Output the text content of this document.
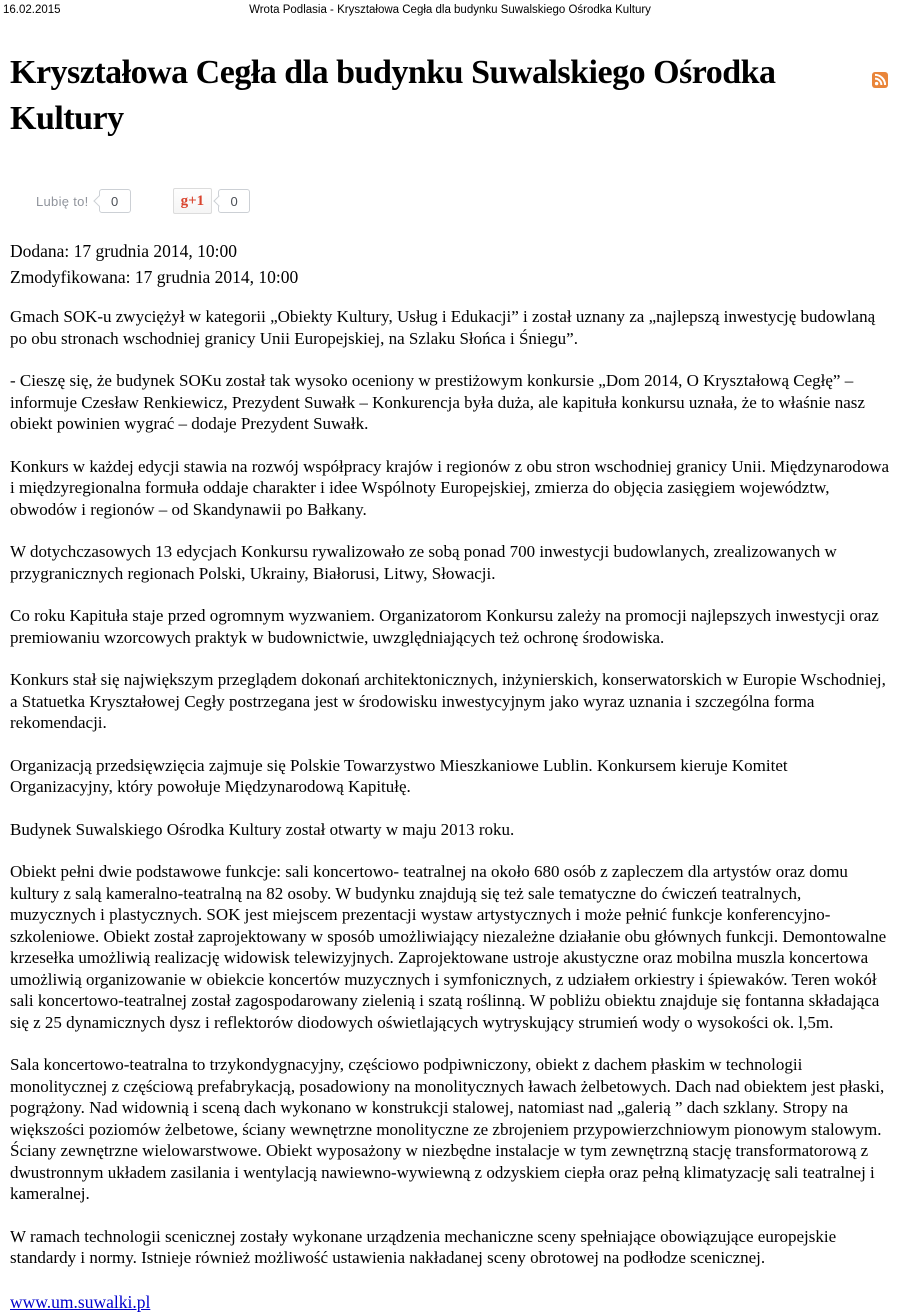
16.02.2015	Wrota Podlasia - Kryształowa Cegła dla budynku Suwalskiego Ośrodka Kultury
Kryształowa Cegła dla budynku Suwalskiego Ośrodka Kultury
Lubię to!	0	g+1	0
Dodana: 17 grudnia 2014, 10:00
Zmodyfikowana: 17 grudnia 2014, 10:00

Gmach SOK-u zwyciężył w kategorii „Obiekty Kultury, Usług i Edukacji” i został uznany za „najlepszą inwestycję budowlaną po obu stronach wschodniej granicy Unii Europejskiej, na Szlaku Słońca i Śniegu”.

- Cieszę się, że budynek SOKu został tak wysoko oceniony w prestiżowym konkursie „Dom 2014, O Kryształową Cegłę” – informuje Czesław Renkiewicz, Prezydent Suwałk – Konkurencja była duża, ale kapituła konkursu uznała, że to właśnie nasz obiekt powinien wygrać – dodaje Prezydent Suwałk.

Konkurs w każdej edycji stawia na rozwój współpracy krajów i regionów z obu stron wschodniej granicy Unii. Międzynarodowa i międzyregionalna formuła oddaje charakter i idee Wspólnoty Europejskiej, zmierza do objęcia zasięgiem województw, obwodów i regionów – od Skandynawii po Bałkany.

W dotychczasowych 13 edycjach Konkursu rywalizowało ze sobą ponad 700 inwestycji budowlanych, zrealizowanych w przygranicznych regionach Polski, Ukrainy, Białorusi, Litwy, Słowacji.

Co roku Kapituła staje przed ogromnym wyzwaniem. Organizatorom Konkursu zależy na promocji najlepszych inwestycji oraz premiowaniu wzorcowych praktyk w budownictwie, uwzględniających też ochronę środowiska.

Konkurs stał się największym przeglądem dokonań architektonicznych, inżynierskich, konserwatorskich w Europie Wschodniej, a Statuetka Kryształowej Cegły postrzegana jest w środowisku inwestycyjnym jako wyraz uznania i szczególna forma rekomendacji.

Organizacją przedsięwzięcia zajmuje się Polskie Towarzystwo Mieszkaniowe Lublin. Konkursem kieruje Komitet Organizacyjny, który powołuje Międzynarodową Kapitułę.

Budynek Suwalskiego Ośrodka Kultury został otwarty w maju 2013 roku.

Obiekt pełni dwie podstawowe funkcje: sali koncertowo- teatralnej na około 680 osób z zapleczem dla artystów oraz domu kultury z salą kameralno-teatralną na 82 osoby. W budynku znajdują się też sale tematyczne do ćwiczeń teatralnych, muzycznych i plastycznych. SOK jest miejscem prezentacji wystaw artystycznych i może pełnić funkcje konferencyjno-szkoleniowe. Obiekt został zaprojektowany w sposób umożliwiający niezależne działanie obu głównych funkcji. Demontowalne krzesełka umożliwią realizację widowisk telewizyjnych. Zaprojektowane ustroje akustyczne oraz mobilna muszla koncertowa umożliwią organizowanie w obiekcie koncertów muzycznych i symfonicznych, z udziałem orkiestry i śpiewaków. Teren wokół sali koncertowo-teatralnej został zagospodarowany zielenią i szatą roślinną. W pobliżu obiektu znajduje się fontanna składająca się z 25 dynamicznych dysz i reflektorów diodowych oświetlających wytryskujący strumień wody o wysokości ok. l,5m.

Sala koncertowo-teatralna to trzykondygnacyjny, częściowo podpiwniczony, obiekt z dachem płaskim w technologii monolitycznej z częściową prefabrykacją, posadowiony na monolitycznych ławach żelbetowych. Dach nad obiektem jest płaski, pogrążony. Nad widownią i sceną dach wykonano w konstrukcji stalowej, natomiast nad „galerią ” dach szklany. Stropy na większości poziomów żelbetowe, ściany wewnętrzne monolityczne ze zbrojeniem przypowierzchniowym pionowym stalowym. Ściany zewnętrzne wielowarstwowe. Obiekt wyposażony w niezbędne instalacje w tym zewnętrzną stację transformatorową z dwustronnym układem zasilania i wentylacją nawiewno-wywiewną z odzyskiem ciepła oraz pełną klimatyzację sali teatralnej i kameralnej.

W ramach technologii scenicznej zostały wykonane urządzenia mechaniczne sceny spełniające obowiązujące europejskie standardy i normy. Istnieje również możliwość ustawienia nakładanej sceny obrotowej na podłodze scenicznej.

www.um.suwalki.pl
